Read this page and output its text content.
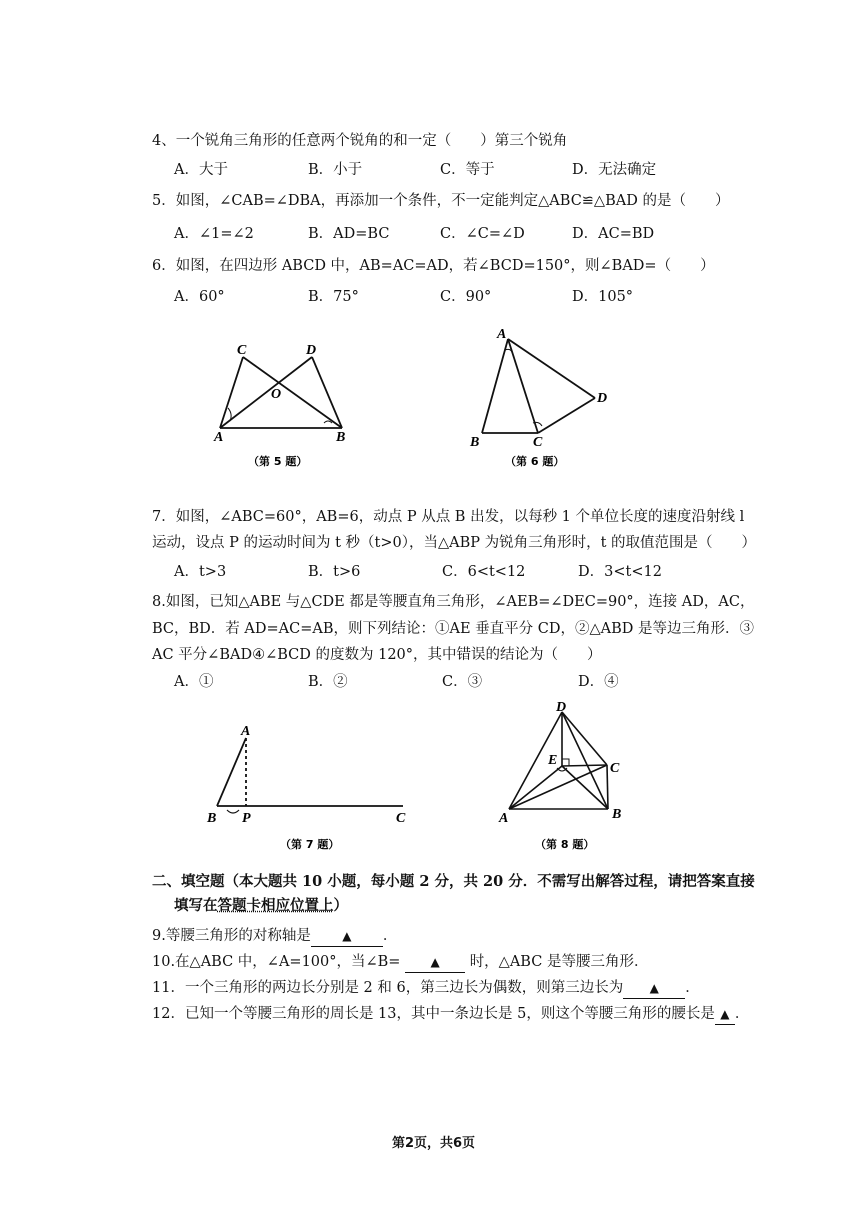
4、一个锐角三角形的任意两个锐角的和一定（　　）第三个锐角
A．大于	B．小于	C．等于	D．无法确定
5．如图，∠CAB=∠DBA，再添加一个条件，不一定能判定△ABC≌△BAD 的是（　　）
A．∠1=∠2	B．AD=BC	C．∠C=∠D	D．AC=BD
6．如图，在四边形 ABCD 中，AB=AC=AD，若∠BCD=150°，则∠BAD=（　　）
A．60°	B．75°	C．90°	D．105°
C	D
O
A	B
（第 5 题）
A
B	C
D
（第 6 题）
7．如图，∠ABC=60°，AB=6，动点 P 从点 B 出发，以每秒 1 个单位长度的速度沿射线 l
运动，设点 P 的运动时间为 t 秒（t>0），当△ABP 为锐角三角形时，t 的取值范围是（　　）
A．t>3	B．t>6	C．6<t<12	D．3<t<12
8.如图，已知△ABE 与△CDE 都是等腰直角三角形，∠AEB=∠DEC=90°，连接 AD，AC，
BC，BD．若 AD=AC=AB，则下列结论：①AE 垂直平分 CD，②△ABD 是等边三角形．③
AC 平分∠BAD④∠BCD 的度数为 120°，其中错误的结论为（　　）
A．①	B．②	C．③	D．④
A
B P	C
（第 7 题）
D
E
C
A	B
（第 8 题）
二、填空题（本大题共 10 小题，每小题 2 分，共 20 分．不需写出解答过程，请把答案直接
填写在答题卡相应位置上）
9.等腰三角形的对称轴是	▲ ．
10.在△ABC 中，∠A=100°，当∠B= ▲ 时，△ABC 是等腰三角形．
11．一个三角形的两边长分别是 2 和 6，第三边长为偶数，则第三边长为 ▲ ．
12．已知一个等腰三角形的周长是 13，其中一条边长是 5，则这个等腰三角形的腰长是 ▲ ．
第2页，共6页
